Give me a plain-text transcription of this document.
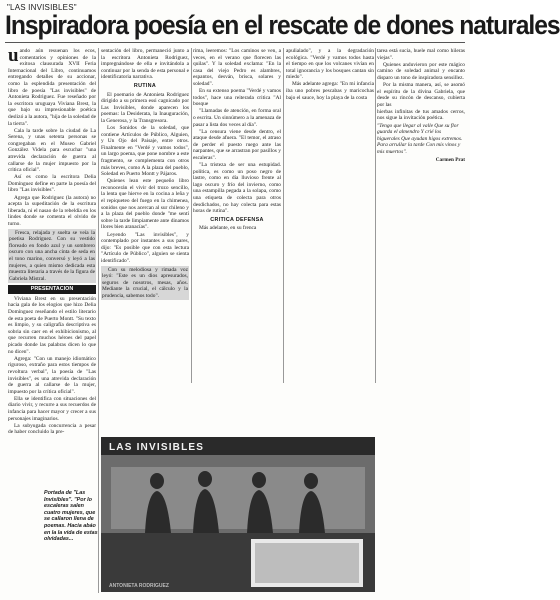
"LAS INVISIBLES"
Inspiradora poesía en el rescate de dones naturales

uando aún resuenan los ecos, comentarios y opiniones de la exitosa clausurada XVII Feria Internacional del Libro, continuamos entregando detalles de su accionar, como la esplendida presentación del libro de poesía "Las invisibles" de Antonieta Rodriguez. Fue reseñado por la escritora uruguaya Viviana Brest, la que bajo su impresionable poética deslizó a la autora, "hija de la soledad de la tierra".

Cala la tarde sobre la ciudad de La Serena, y unas setenta personas se congregaban en el Museo Gabriel González Videla para escuchar "una atrevida declaración de guerra al callarse de la mujer impuesto por la critica oficial".

Así es como la escritora Delia Domínguez define en parte la poesía del libro "Las invisibles".

Agrega que Rodriguez (la autora) no acepta la supeditación de la escritura liberada, ni el nasao de la rebeldía en los lindes donde se comenta el olvido de turno.

Fresca, relajada y suelta se veía la poetisa Rodriguez. Con su vestido floreado en fondo azul y un sombrero oscuro con una ancha cinta de seda en el tono marino, conversó y leyó a las mujeres, a quien mismo dedicada esta muestra literaria a través de la figura de Gabriela Mistral.

PRESENTACION

Viviana Brest en su presentación hacia gala de los elogios que hizo Delia Domínguez reseñando el estilo literario de esta poeta de Puerto Montt. "Su texto es limpio, y su caligrafía descriptiva es sobria sin caer en el exhibicionismo, al que recurren muchos héroes del papel picado donde las palabras dicen lo que no dicen".

Agrega: "Con un manejo idiomático riguroso, extraño para estos tiempos de revoltura verbal", la poesía de "Las invisibles", es una atrevida declaración de guerra al callarse de la mujer, impuesto por la crítica oficial".

Ella se identifica con situaciones del diario vivir, y recurre a sus recuerdos de infancia para hacer mayor y crecer a sus personajes imaginarios.

La subyugada concurrencia a pesar de haber concluido la pre-

sentación del libro, permaneció junto a la escritora Antonieta Rodriguez, impregnándose de ella e invitándola a continuar por la senda de esta personal e identificatoria narrativa.

RUTINA

El poemario de Antonieta Rodriguez dirigido a su primera essi cagnicado por Las Invisibles, donde aparecen los poemas: la Desiderata, la Inauguración, la Generosa, y la Transgresora.

Los Sonidos de la soledad, que contiene Artículos de Público, Alguien, y Un Ojo del Paisaje, entre otros. Finalmente en "Verdé y vamos todos", un largo poema, que pone nombre a este fragmento, se complementa con otros más breves, como A la plaza del pueblo, Soledad en Puerto Montt y Pájaros.

Quienes lean este pequeño libro reconocerán el vivir del trozo sencillo, la lenta que hierve en la cocina a leña y el repiqueteo del fuego en la chimenea, sonidos que nos acercan al sur chileno y a la plaza del pueblo donde "me sentí sobre la tarde limpiamente ante dinamos llores bien aranacías".

Leyendo "Las invisibles", y contemplado por instantes a sus pares, dijo: "Es posible que con esta lectura "Artículo de Público", alguien se sienta identificado".

Con su melodiosa y rimada voz leyó: "Este es un dios apresurados, seguros de nosotros, mesas, años. Mediante la crucial, el cálculo y la prudencia, sabemos todo".

rima, leeremos: "Los caminos se ven, a veces, en el verano que florecen las quilas". Y la soledad exclama: "En la casa del viejo Pedro es alambres, espantos, desván, brisca, solares y soledad".

En su extenso poema "Verdé y vamos todos", hace una reiterada critica "Al bosque

"Llamadas de atención, en forma oral o escrita. Un sinnúmero a la amenaza de pasar a lista dos veces al día".

"La censura viene desde dentro, el ataque desde afuera. "El temor, el atraso de perder el puesto ruego ante las narpantes, que se arrastran por pasillos y escaleras".

"La tristeza de ser una estupidad. política, es como un poso negro de lastre, como en día lluvioso frente al lago oscuro y frío del invierno, como una estampilla pegada a la solapa, como una etiqueta de colecta para otros desdichados, no hay colecta para estas horas de rutina".

CRITICA DEFENSA

Más adelante, en su frenca

apulialado", y a la degradación ecológica. "Verdé y vamos todos hasta el tiempo en que los volcanes vivían en total ignorancia y los bosques cantan sin miedo".

Más adelante agrega: "En mi infancia iba uno pobres pescabas y maricochas bajo el sauce, hoy la playa de la costa

tarea está sucia, huele mal como hileras viejas".

Quienes anduvieron por este mágico camino de soledad animal y encanto disparo un tono de inspiradora sensillez.

Por la misma manera, así, se asomó el espíritu de la divina Gabriela, que desde su rincón de descanso, cubierta por las

hierbas infinitas de tus amados cerros, nos sigue la invitación poética.

"Tengo que llegar al valle Que su flor guarda el almendro Y crié los higuerales Que ayudan higos extremos. Para arrullar la tarde Con mis vinos y mis muertos".

Carmen Prat
LAS INVISIBLES
ANTONIETA RODRIGUEZ
Portada de "Las Invisibles". "Por lo escaleras salen cuatro mujeres, que se callaron llena de poemas. Hacia abáo en la la vida de estas olvidadas...
